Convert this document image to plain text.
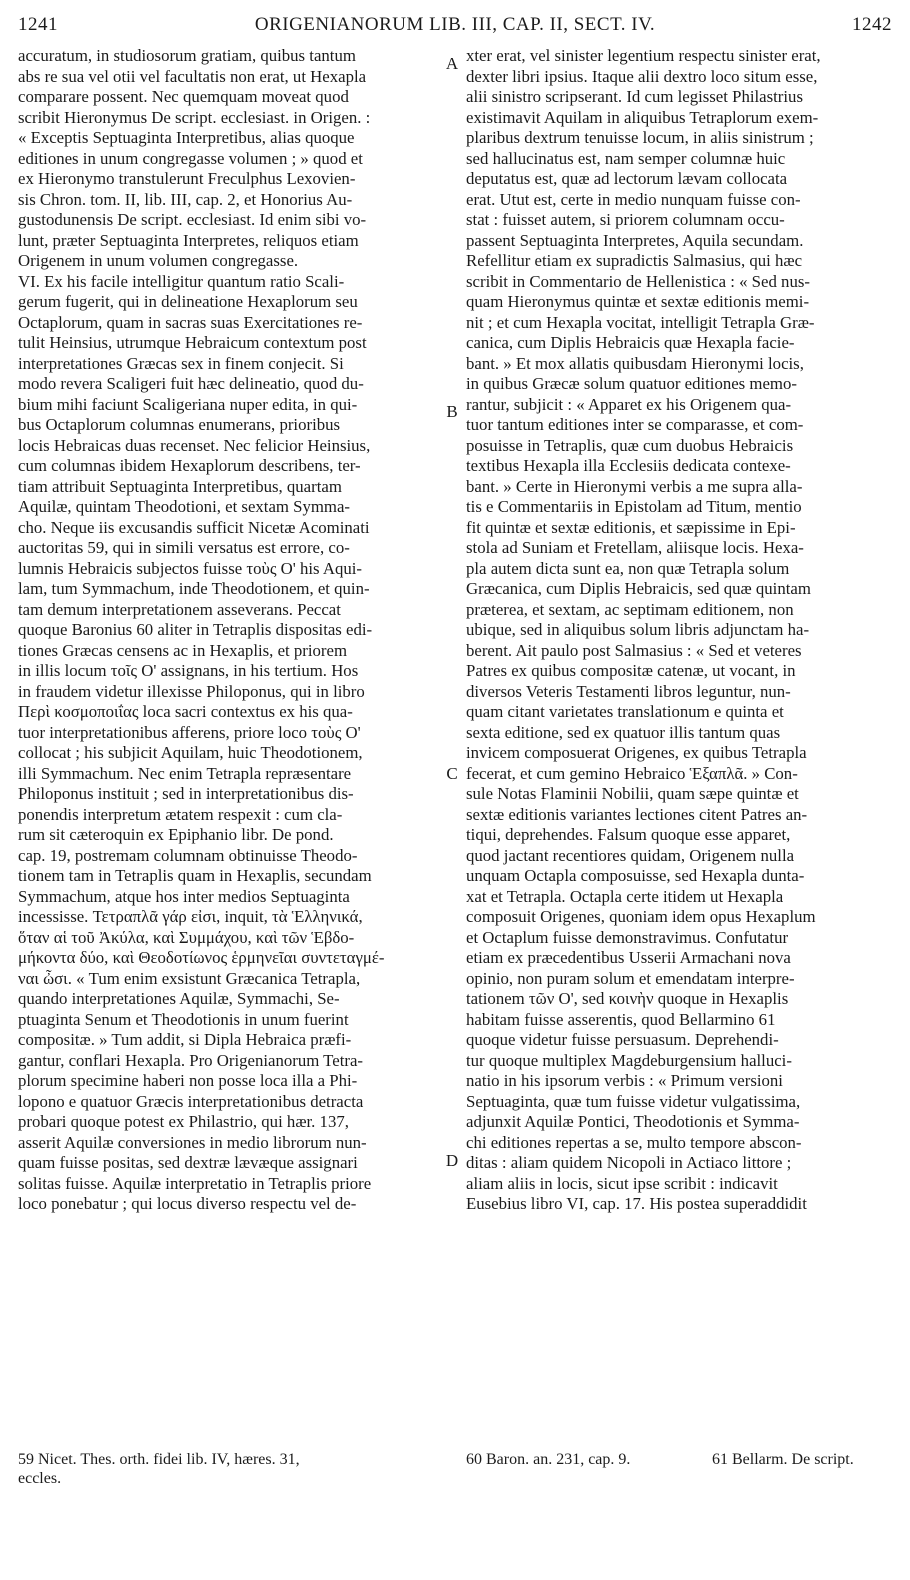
1241	ORIGENIANORUM LIB. III, CAP. II, SECT. IV.	1242
accuratum, in studiosorum gratiam, quibus tantum
abs re sua vel otii vel facultatis non erat, ut Hexapla
comparare possent. Nec quemquam moveat quod
scribit Hieronymus De script. ecclesiast. in Origen. :
« Exceptis Septuaginta Interpretibus, alias quoque
editiones in unum congregasse volumen ; » quod et
ex Hieronymo transtulerunt Freculphus Lexovien-
sis Chron. tom. II, lib. III, cap. 2, et Honorius Au-
gustodunensis De script. ecclesiast. Id enim sibi vo-
lunt, præter Septuaginta Interpretes, reliquos etiam
Origenem in unum volumen congregasse.
VI. Ex his facile intelligitur quantum ratio Scali-
gerum fugerit, qui in delineatione Hexaplorum seu
Octaplorum, quam in sacras suas Exercitationes re-
tulit Heinsius, utrumque Hebraicum contextum post
interpretationes Græcas sex in finem conjecit. Si
modo revera Scaligeri fuit hæc delineatio, quod du-
bium mihi faciunt Scaligeriana nuper edita, in qui-
bus Octaplorum columnas enumerans, prioribus
locis Hebraicas duas recenset. Nec felicior Heinsius,
cum columnas ibidem Hexaplorum describens, ter-
tiam attribuit Septuaginta Interpretibus, quartam
Aquilæ, quintam Theodotioni, et sextam Symma-
cho. Neque iis excusandis sufficit Nicetæ Acominati
auctoritas 59, qui in simili versatus est errore, co-
lumnis Hebraicis subjectos fuisse τοὺς Ο' his Aqui-
lam, tum Symmachum, inde Theodotionem, et quin-
tam demum interpretationem asseverans. Peccat
quoque Baronius 60 aliter in Tetraplis dispositas edi-
tiones Græcas censens ac in Hexaplis, et priorem
in illis locum τοῖς Ο' assignans, in his tertium. Hos
in fraudem videtur illexisse Philoponus, qui in libro
Περὶ κοσμοποιΐας loca sacri contextus ex his qua-
tuor interpretationibus afferens, priore loco τοὺς Ο'
collocat ; his subjicit Aquilam, huic Theodotionem,
illi Symmachum. Nec enim Tetrapla repræsentare
Philoponus instituit ; sed in interpretationibus dis-
ponendis interpretum ætatem respexit : cum cla-
rum sit cæteroquin ex Epiphanio libr. De pond.
cap. 19, postremam columnam obtinuisse Theodo-
tionem tam in Tetraplis quam in Hexaplis, secundam
Symmachum, atque hos inter medios Septuaginta
incessisse. Τετραπλᾶ γάρ εἰσι, inquit, τὰ Ἑλληνικά,
ὅταν αἱ τοῦ Ἀκύλα, καὶ Συμμάχου, καὶ τῶν Ἑβδο-
μήκοντα δύο, καὶ Θεοδοτίωνος ἑρμηνεῖαι συντεταγμέ-
ναι ὦσι. « Tum enim exsistunt Græcanica Tetrapla,
quando interpretationes Aquilæ, Symmachi, Se-
ptuaginta Senum et Theodotionis in unum fuerint
compositæ. » Tum addit, si Dipla Hebraica præfi-
gantur, conflari Hexapla. Pro Origenianorum Tetra-
plorum specimine haberi non posse loca illa a Phi-
lopono e quatuor Græcis interpretationibus detracta
probari quoque potest ex Philastrio, qui hær. 137,
asserit Aquilæ conversiones in medio librorum nun-
quam fuisse positas, sed dextræ lævæque assignari
solitas fuisse. Aquilæ interpretatio in Tetraplis priore
loco ponebatur ; qui locus diverso respectu vel de-
A
B
C
D
xter erat, vel sinister legentium respectu sinister erat,
dexter libri ipsius. Itaque alii dextro loco situm esse,
alii sinistro scripserant. Id cum legisset Philastrius
existimavit Aquilam in aliquibus Tetraplorum exem-
plaribus dextrum tenuisse locum, in aliis sinistrum ;
sed hallucinatus est, nam semper columnæ huic
deputatus est, quæ ad lectorum lævam collocata
erat. Utut est, certe in medio nunquam fuisse con-
stat : fuisset autem, si priorem columnam occu-
passent Septuaginta Interpretes, Aquila secundam.
Refellitur etiam ex supradictis Salmasius, qui hæc
scribit in Commentario de Hellenistica : « Sed nus-
quam Hieronymus quintæ et sextæ editionis memi-
nit ; et cum Hexapla vocitat, intelligit Tetrapla Græ-
canica, cum Diplis Hebraicis quæ Hexapla facie-
bant. » Et mox allatis quibusdam Hieronymi locis,
in quibus Græcæ solum quatuor editiones memo-
rantur, subjicit : « Apparet ex his Origenem qua-
tuor tantum editiones inter se comparasse, et com-
posuisse in Tetraplis, quæ cum duobus Hebraicis
textibus Hexapla illa Ecclesiis dedicata contexe-
bant. » Certe in Hieronymi verbis a me supra alla-
tis e Commentariis in Epistolam ad Titum, mentio
fit quintæ et sextæ editionis, et sæpissime in Epi-
stola ad Suniam et Fretellam, aliisque locis. Hexa-
pla autem dicta sunt ea, non quæ Tetrapla solum
Græcanica, cum Diplis Hebraicis, sed quæ quintam
præterea, et sextam, ac septimam editionem, non
ubique, sed in aliquibus solum libris adjunctam ha-
berent. Ait paulo post Salmasius : « Sed et veteres
Patres ex quibus compositæ catenæ, ut vocant, in
diversos Veteris Testamenti libros leguntur, nun-
quam citant varietates translationum e quinta et
sexta editione, sed ex quatuor illis tantum quas
invicem composuerat Origenes, ex quibus Tetrapla
fecerat, et cum gemino Hebraico Ἑξαπλᾶ. » Con-
sule Notas Flaminii Nobilii, quam sæpe quintæ et
sextæ editionis variantes lectiones citent Patres an-
tiqui, deprehendes. Falsum quoque esse apparet,
quod jactant recentiores quidam, Origenem nulla
unquam Octapla composuisse, sed Hexapla dunta-
xat et Tetrapla. Octapla certe itidem ut Hexapla
composuit Origenes, quoniam idem opus Hexaplum
et Octaplum fuisse demonstravimus. Confutatur
etiam ex præcedentibus Usserii Armachani nova
opinio, non puram solum et emendatam interpre-
tationem τῶν Ο', sed κοινὴν quoque in Hexaplis
habitam fuisse asserentis, quod Bellarmino 61
quoque videtur fuisse persuasum. Deprehendi-
tur quoque multiplex Magdeburgensium halluci-
natio in his ipsorum verbis : « Primum versioni
Septuaginta, quæ tum fuisse videtur vulgatissima,
adjunxit Aquilæ Pontici, Theodotionis et Symma-
chi editiones repertas a se, multo tempore abscon-
ditas : aliam quidem Nicopoli in Actiaco littore ;
aliam aliis in locis, sicut ipse scribit : indicavit
Eusebius libro VI, cap. 17. His postea superaddidit
59 Nicet. Thes. orth. fidei lib. IV, hæres. 31,
eccles.
60 Baron. an. 231, cap. 9.	61 Bellarm. De script.
